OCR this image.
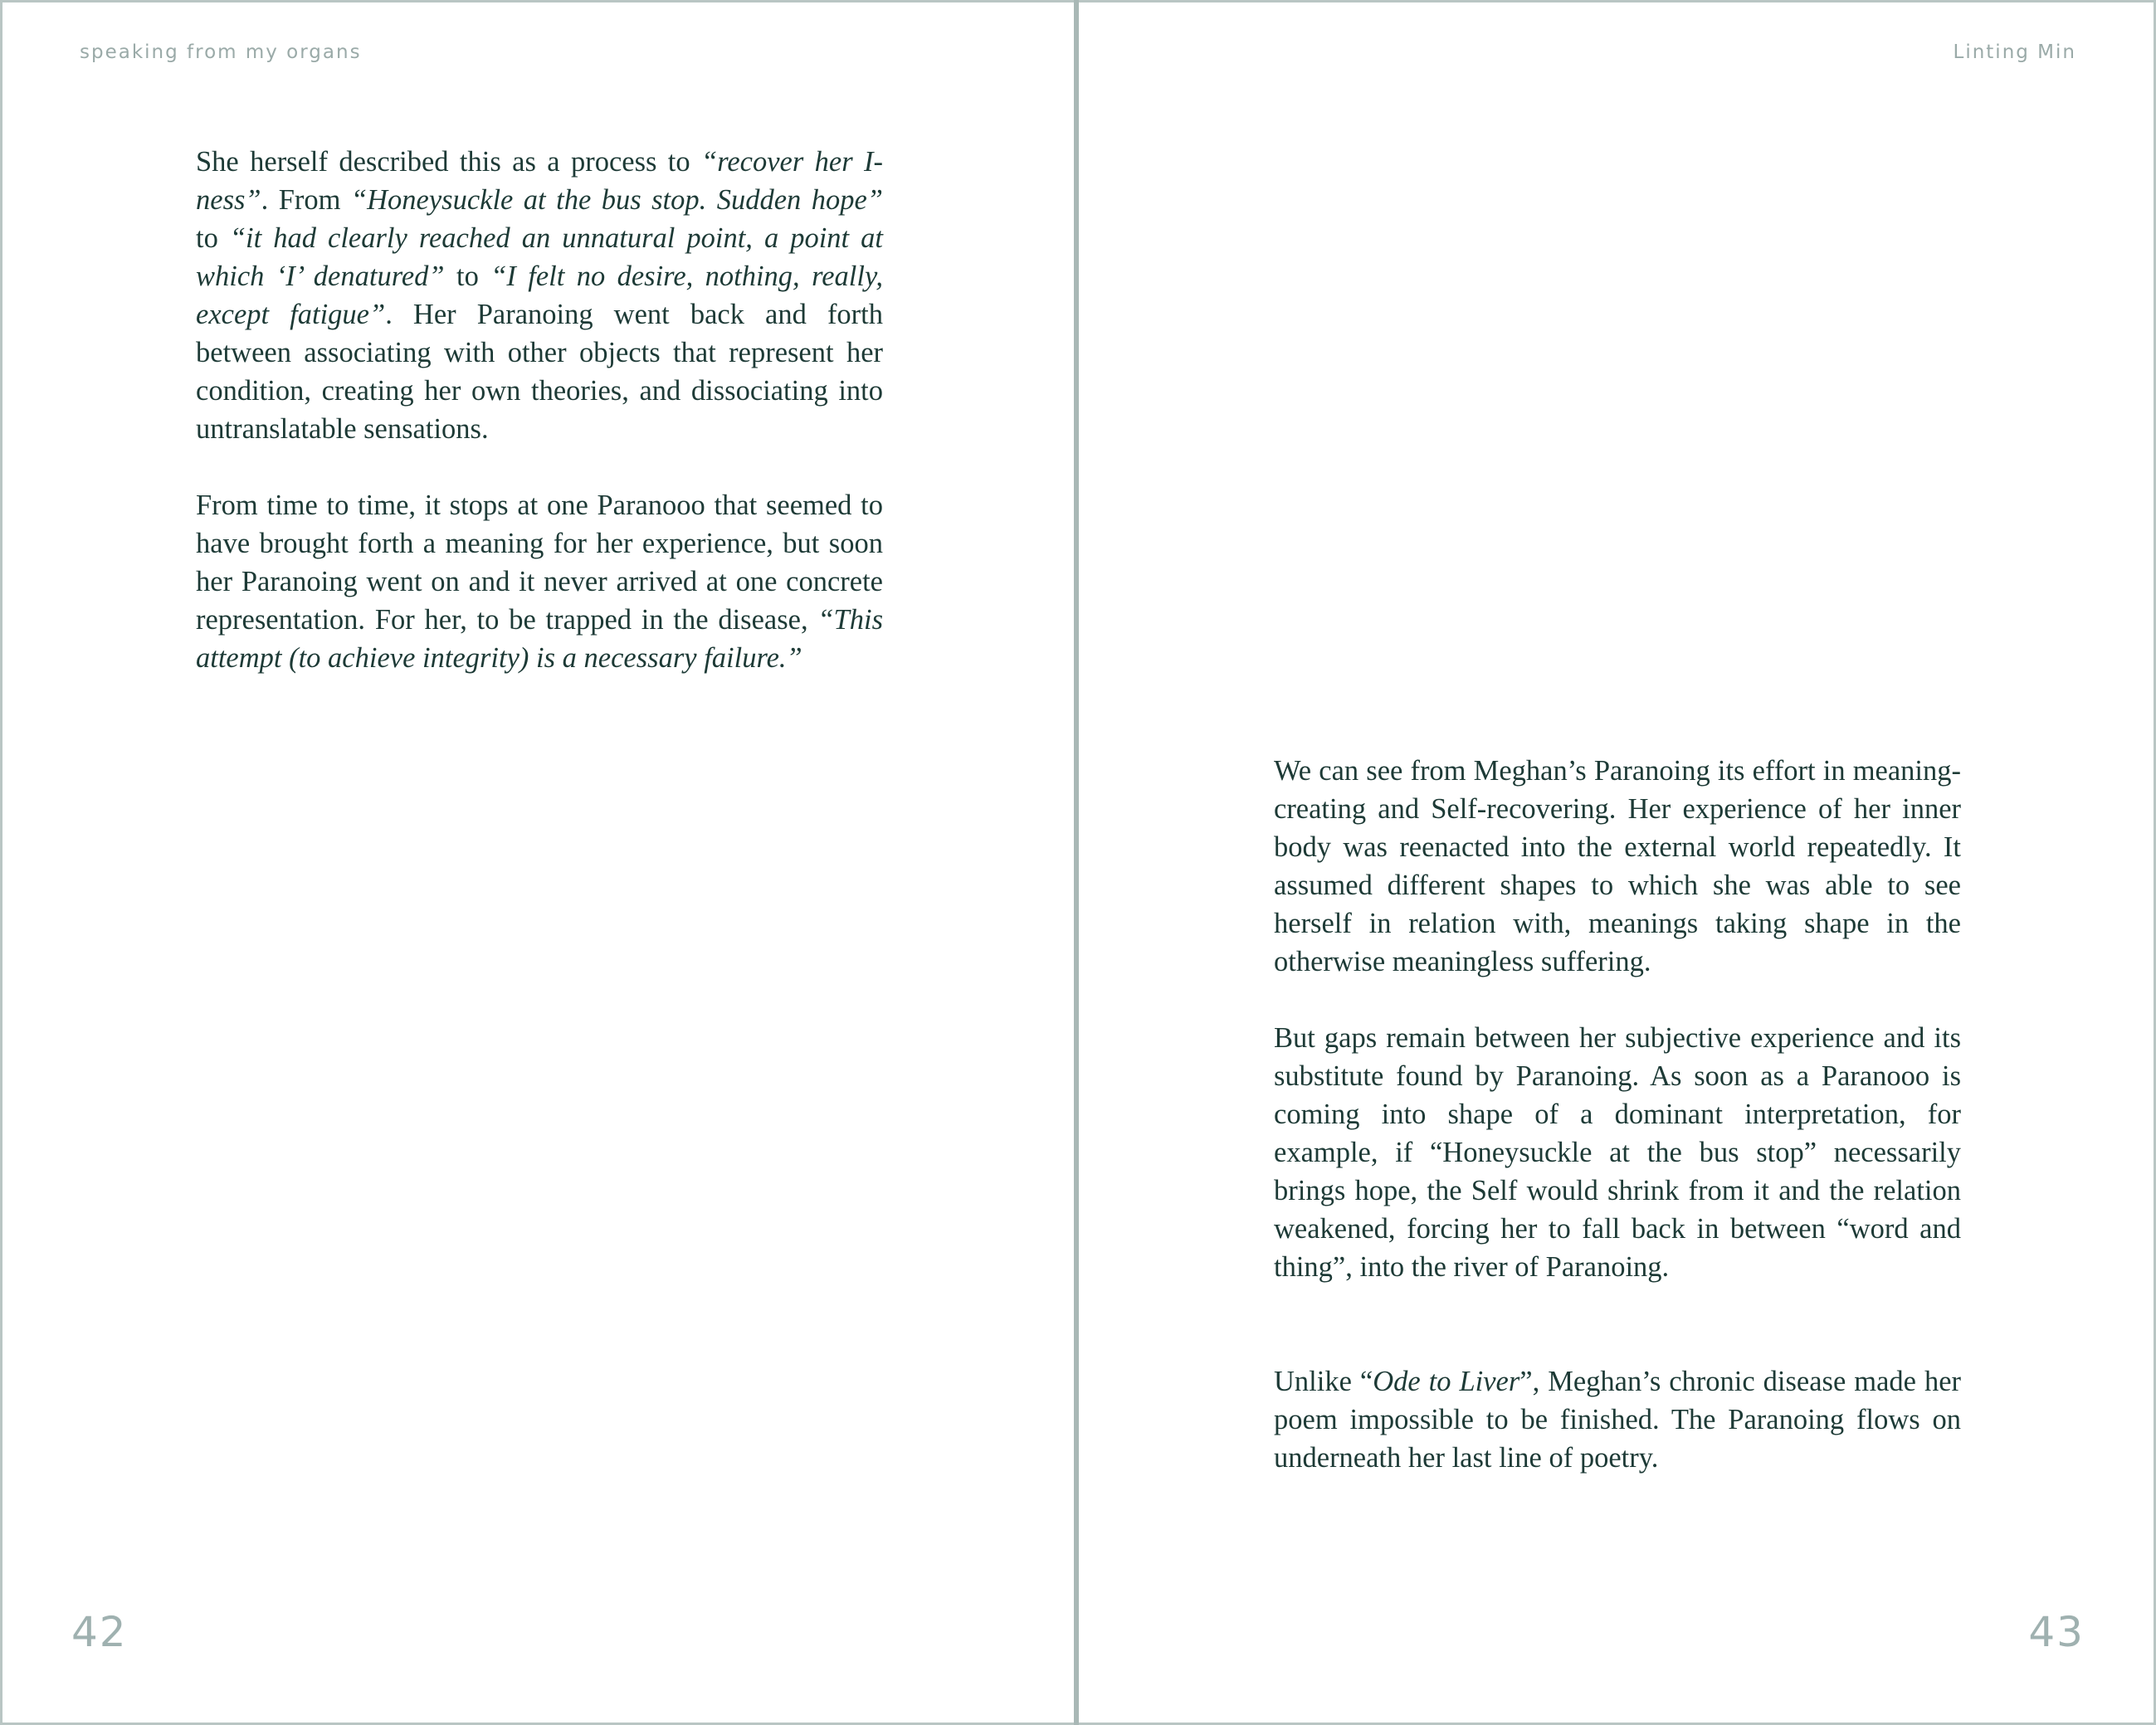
speaking from my organs	Linting Min

She herself described this as a process to “recover her I-ness”. From “Honeysuckle at the bus stop. Sudden hope” to “it had clearly reached an unnatural point, a point at which ‘I’ denatured” to “I felt no desire, nothing, really, except fatigue”. Her Paranoing went back and forth between associating with other objects that represent her condition, creating her own theories, and dissociating into untranslatable sensations.

From time to time, it stops at one Paranooo that seemed to have brought forth a meaning for her experience, but soon her Paranoing went on and it never arrived at one concrete representation. For her, to be trapped in the disease, “This attempt (to achieve integrity) is a necessary failure.”

We can see from Meghan’s Paranoing its effort in meaning-creating and Self-recovering. Her experience of her inner body was reenacted into the external world repeatedly. It assumed different shapes to which she was able to see herself in relation with, meanings taking shape in the otherwise meaningless suffering.

But gaps remain between her subjective experience and its substitute found by Paranoing. As soon as a Paranooo is coming into shape of a dominant interpretation, for example, if “Honeysuckle at the bus stop” necessarily brings hope, the Self would shrink from it and the relation weakened, forcing her to fall back in between “word and thing”, into the river of Paranoing.

Unlike “Ode to Liver”, Meghan’s chronic disease made her poem impossible to be finished. The Paranoing flows on underneath her last line of poetry.

42	43
